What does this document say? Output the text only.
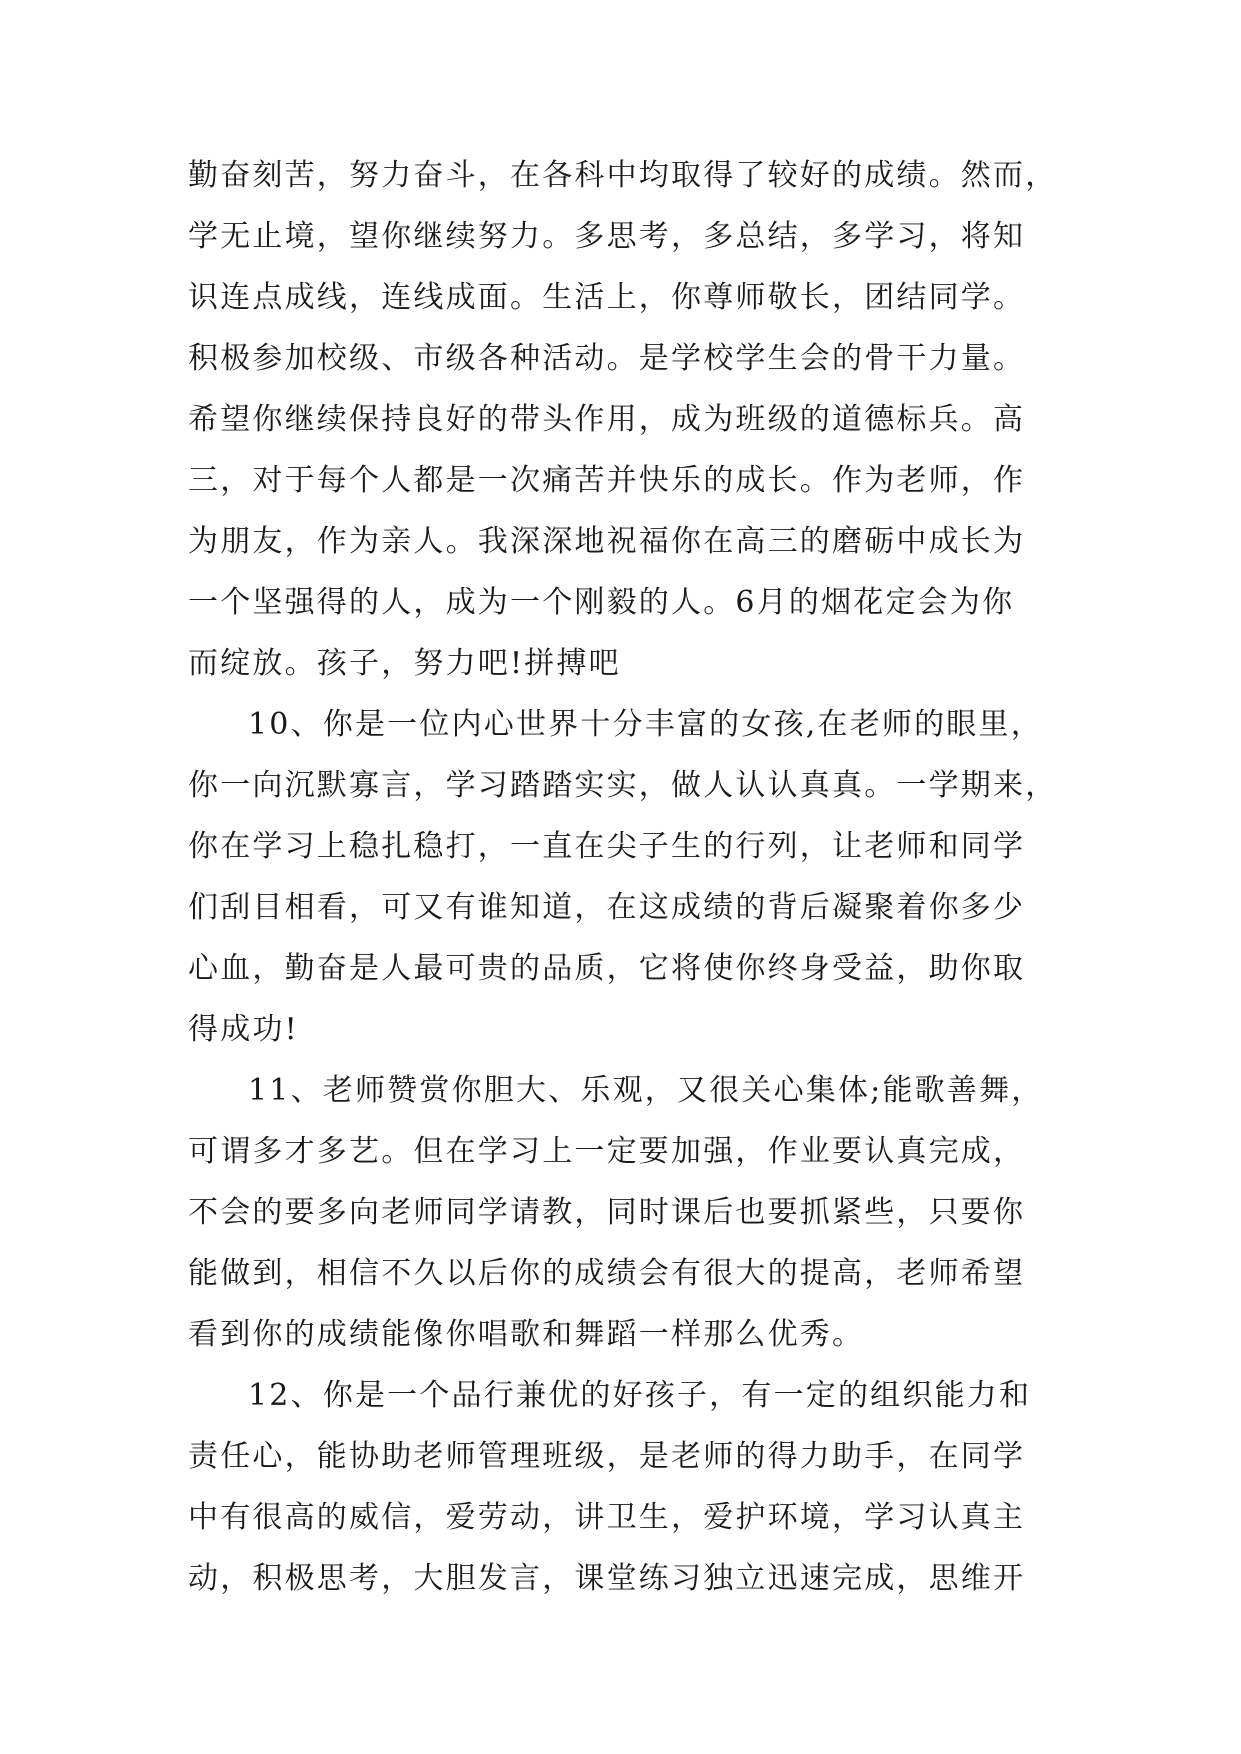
勤奋刻苦，努力奋斗，在各科中均取得了较好的成绩。然而，
学无止境，望你继续努力。多思考，多总结，多学习，将知
识连点成线，连线成面。生活上，你尊师敬长，团结同学。
积极参加校级、市级各种活动。是学校学生会的骨干力量。
希望你继续保持良好的带头作用，成为班级的道德标兵。高
三，对于每个人都是一次痛苦并快乐的成长。作为老师，作
为朋友，作为亲人。我深深地祝福你在高三的磨砺中成长为
一个坚强得的人，成为一个刚毅的人。6月的烟花定会为你
而绽放。孩子，努力吧!拼搏吧
10、你是一位内心世界十分丰富的女孩,在老师的眼里，
你一向沉默寡言，学习踏踏实实，做人认认真真。一学期来，
你在学习上稳扎稳打，一直在尖子生的行列，让老师和同学
们刮目相看，可又有谁知道，在这成绩的背后凝聚着你多少
心血，勤奋是人最可贵的品质，它将使你终身受益，助你取
得成功!
11、老师赞赏你胆大、乐观，又很关心集体;能歌善舞，
可谓多才多艺。但在学习上一定要加强，作业要认真完成，
不会的要多向老师同学请教，同时课后也要抓紧些，只要你
能做到，相信不久以后你的成绩会有很大的提高，老师希望
看到你的成绩能像你唱歌和舞蹈一样那么优秀。
12、你是一个品行兼优的好孩子，有一定的组织能力和
责任心，能协助老师管理班级，是老师的得力助手，在同学
中有很高的威信，爱劳动，讲卫生，爱护环境，学习认真主
动，积极思考，大胆发言，课堂练习独立迅速完成，思维开
